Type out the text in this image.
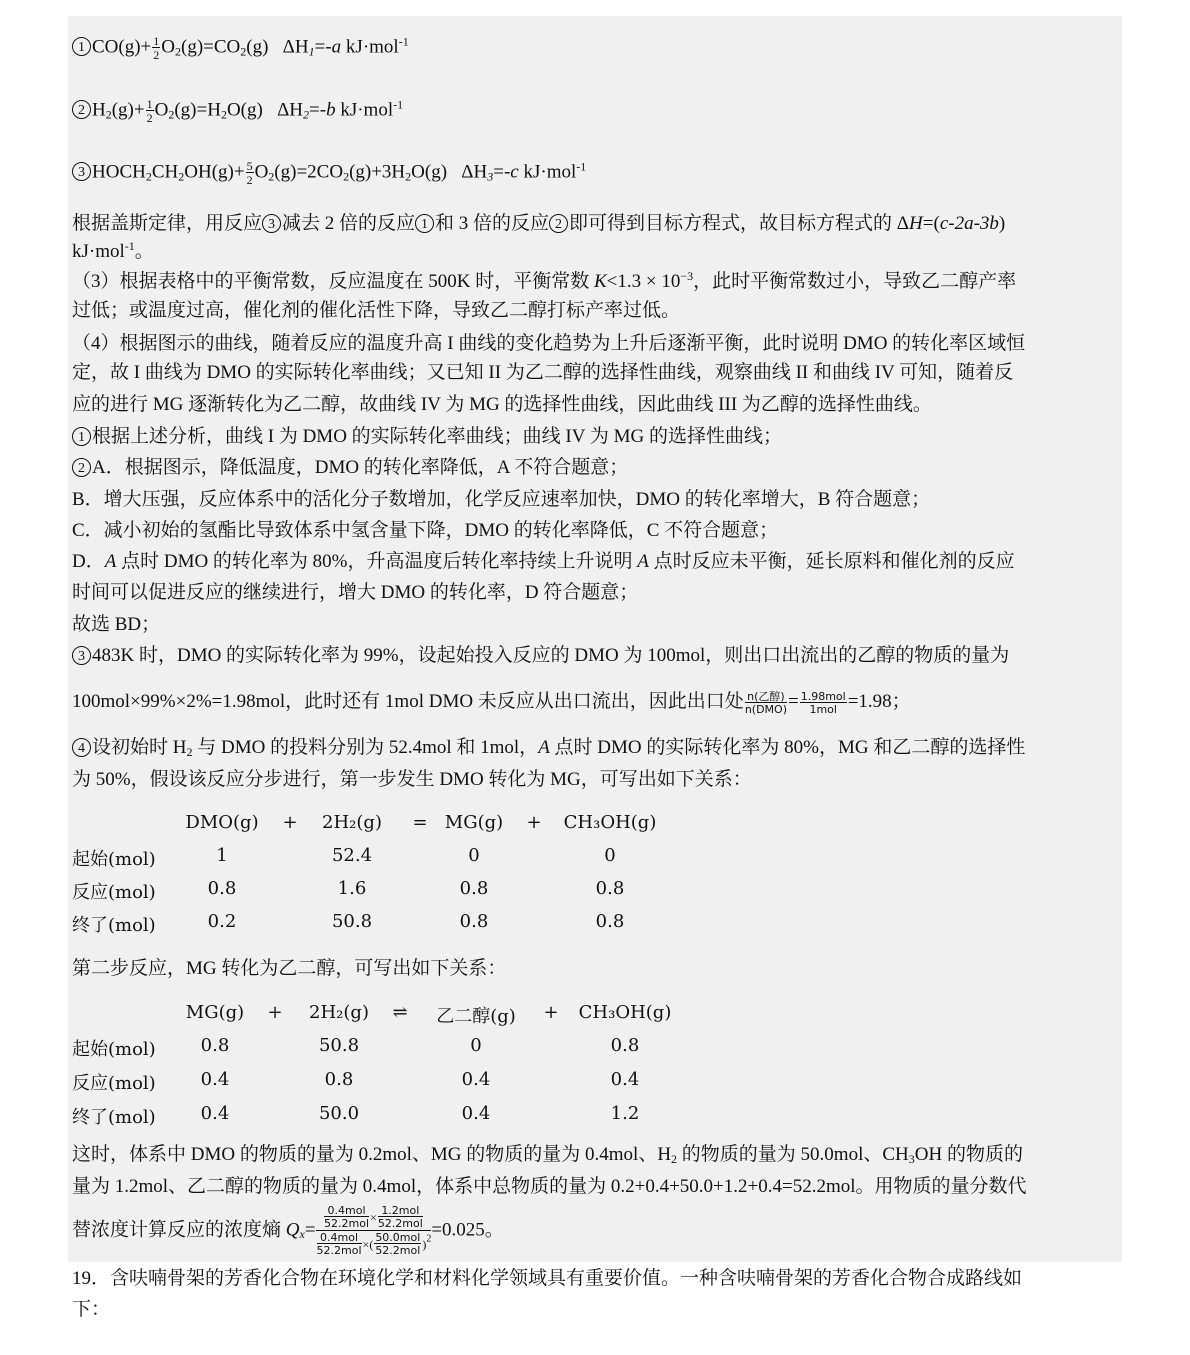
1 $CO(g)+ \frac{1}{2} O_2(g)=CO_2(g)$ $\Delta H_1=-a$ kJ·mol$^{-1}$
2 $H_2(g)+ \frac{1}{2} O_2(g)=H_2O(g)$ $\Delta H_2=-b$ kJ·mol$^{-1}$
3 $HOCH_2CH_2OH(g)+ \frac{5}{2} O_2(g)=2CO_2(g)+3H_2O(g)$ $\Delta H_3=-c$ kJ·mol$^{-1}$
根据盖斯定律，用反应 3 减去 2 倍的反应 1 和 3 倍的反应 2 即可得到目标方程式，故目标方程式的 ΔH=(c-2a-3b)
kJ·mol$^{-1}$。
（3）根据表格中的平衡常数，反应温度在 500K 时，平衡常数 $K<1.3 \times 10^{-3}$，此时平衡常数过小，导致乙二醇产率
过低；或温度过高，催化剂的催化活性下降，导致乙二醇打标产率过低。
（4）根据图示的曲线，随着反应的温度升高 I 曲线的变化趋势为上升后逐渐平衡，此时说明 DMO 的转化率区域恒
定，故 I 曲线为 DMO 的实际转化率曲线；又已知 II 为乙二醇的选择性曲线，观察曲线 II 和曲线 IV 可知，随着反
应的进行 MG 逐渐转化为乙二醇，故曲线 IV 为 MG 的选择性曲线，因此曲线 III 为乙醇的选择性曲线。
1 根据上述分析，曲线 I 为 DMO 的实际转化率曲线；曲线 IV 为 MG 的选择性曲线；
2 A．根据图示，降低温度，DMO 的转化率降低，A 不符合题意；
B．增大压强，反应体系中的活化分子数增加，化学反应速率加快，DMO 的转化率增大，B 符合题意；
C．减小初始的氢酯比导致体系中氢含量下降，DMO 的转化率降低，C 不符合题意；
D．A 点时 DMO 的转化率为 80%，升高温度后转化率持续上升说明 A 点时反应未平衡，延长原料和催化剂的反应
时间可以促进反应的继续进行，增大 DMO 的转化率，D 符合题意；
故选 BD；
3 483K 时，DMO 的实际转化率为 99%，设起始投入反应的 DMO 为 100mol，则出口出流出的乙醇的物质的量为
100mol×99%×2%=1.98mol，此时还有 1mol DMO 未反应从出口流出，因此出口处 $\frac{\text{n(乙醇)}}{\text{n(DMO)}} = \frac{\text{1.98mol}}{\text{1mol}} =1.98$；
4 设初始时 $H_2$ 与 DMO 的投料分别为 52.4mol 和 1mol，A 点时 DMO 的实际转化率为 80%，MG 和乙二醇的选择性
为 50%，假设该反应分步进行，第一步发生 DMO 转化为 MG，可写出如下关系：
DMO(g) + 2H₂(g) = MG(g) + CH₃OH(g)
起始(mol)	1	52.4	0	0
反应(mol)	0.8	1.6	0.8	0.8
终了(mol)	0.2	50.8	0.8	0.8
第二步反应，MG 转化为乙二醇，可写出如下关系：
MG(g) + 2H₂(g) ⇌ 乙二醇(g) + CH₃OH(g)
起始(mol) 0.8	50.8	0	0.8
反应(mol) 0.4	0.8	0.4	0.4
终了(mol) 0.4	50.0	0.4	1.2
这时，体系中 DMO 的物质的量为 0.2mol、MG 的物质的量为 0.4mol、$H_2$ 的物质的量为 50.0mol、$CH_3OH$ 的物质的
量为 1.2mol、乙二醇的物质的量为 0.4mol，体系中总物质的量为 0.2+0.4+50.0+1.2+0.4=52.2mol。用物质的量分数代
替浓度计算反应的浓度熵 $Q_x=$
$\frac{\text{0.4mol}}{\text{52.2mol}} \times \frac{\text{1.2mol}}{\text{52.2mol}}$
$\frac{\text{0.4mol}}{\text{52.2mol}}$ ×( $\frac{\text{50.0mol}}{\text{52.2mol}} )^2 =0.025$。
19．含呋喃骨架的芳香化合物在环境化学和材料化学领域具有重要价值。一种含呋喃骨架的芳香化合物合成路线如
下：
